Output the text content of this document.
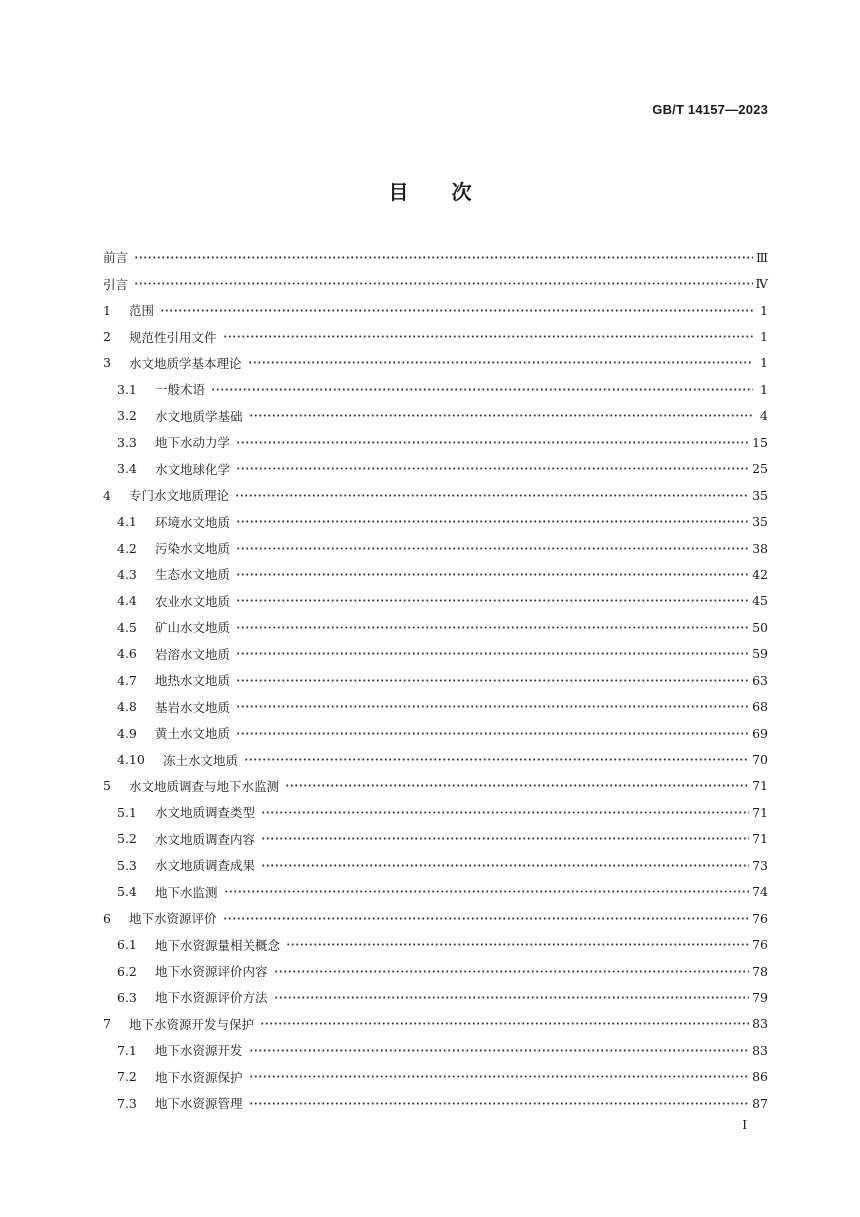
GB/T 14157—2023
目 次
前言	Ⅲ
引言	Ⅳ
1	范围	1
2	规范性引用文件	1
3	水文地质学基本理论	1
3.1	一般术语	1
3.2	水文地质学基础	4
3.3	地下水动力学	15
3.4	水文地球化学	25
4	专门水文地质理论	35
4.1	环境水文地质	35
4.2	污染水文地质	38
4.3	生态水文地质	42
4.4	农业水文地质	45
4.5	矿山水文地质	50
4.6	岩溶水文地质	59
4.7	地热水文地质	63
4.8	基岩水文地质	68
4.9	黄土水文地质	69
4.10	冻土水文地质	70
5	水文地质调查与地下水监测	71
5.1	水文地质调查类型	71
5.2	水文地质调查内容	71
5.3	水文地质调查成果	73
5.4	地下水监测	74
6	地下水资源评价	76
6.1	地下水资源量相关概念	76
6.2	地下水资源评价内容	78
6.3	地下水资源评价方法	79
7	地下水资源开发与保护	83
7.1	地下水资源开发	83
7.2	地下水资源保护	86
7.3	地下水资源管理	87
I
